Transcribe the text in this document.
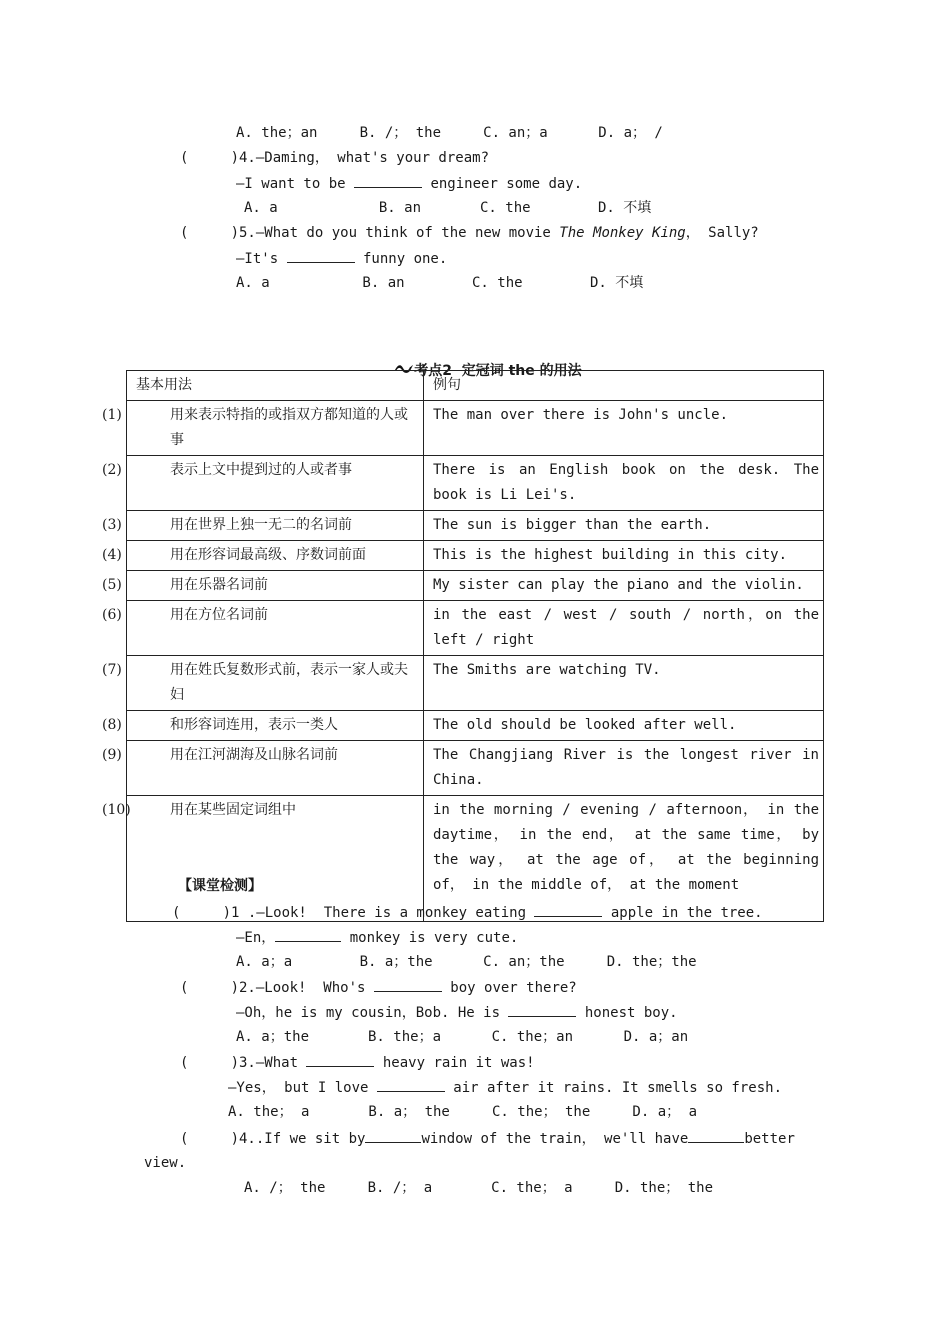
A. the；an     B. /； the     C. an；a      D. a； /
(     )4.—Daming， what's your dream?
—I want to be	engineer some day.
A. a            B. an       C. the        D. 不填
(     )5.—What do you think of the new movie The Monkey King， Sally?
—It's	funny one.
A. a           B. an        C. the        D. 不填

考点2  定冠词 the 的用法

基本用法	例句

(1) 用来表示特指的或指双方都知道的人或事	The man over there is John's uncle.

(2) 表示上文中提到过的人或者事	There is an English book on the desk. The book is Li Lei's.

(3) 用在世界上独一无二的名词前	The sun is bigger than the earth.

(4) 用在形容词最高级、序数词前面	This is the highest building in this city.

(5) 用在乐器名词前	My sister can play the piano and the violin.

(6) 用在方位名词前	in the east / west / south / north，on the left / right

(7) 用在姓氏复数形式前，表示一家人或夫妇	The Smiths are watching TV.

(8) 和形容词连用，表示一类人	The old should be looked after well.

(9) 用在江河湖海及山脉名词前	The Changjiang River is the longest river in China.

(10) 用在某些固定词组中	in the morning / evening / afternoon， in the daytime， in the end， at the same time， by the way， at the age of， at the beginning of， in the middle of， at the moment
【课堂检测】
(     )1 .—Look!  There is a monkey eating	apple in the tree.
—En，	monkey is very cute.
A. a；a        B. a；the      C. an；the     D. the；the
(     )2.—Look!  Who's	boy over there?
—Oh，he is my cousin，Bob. He is	honest boy.
A. a；the       B. the；a      C. the；an      D. a；an
(     )3.—What	heavy rain it was!
—Yes， but I love	air after it rains. It smells so fresh.
A. the； a       B. a； the     C. the； the     D. a； a
(     )4..If we sit by	window of the train， we'll have	better
view.
A. /； the     B. /； a       C. the； a     D. the； the
